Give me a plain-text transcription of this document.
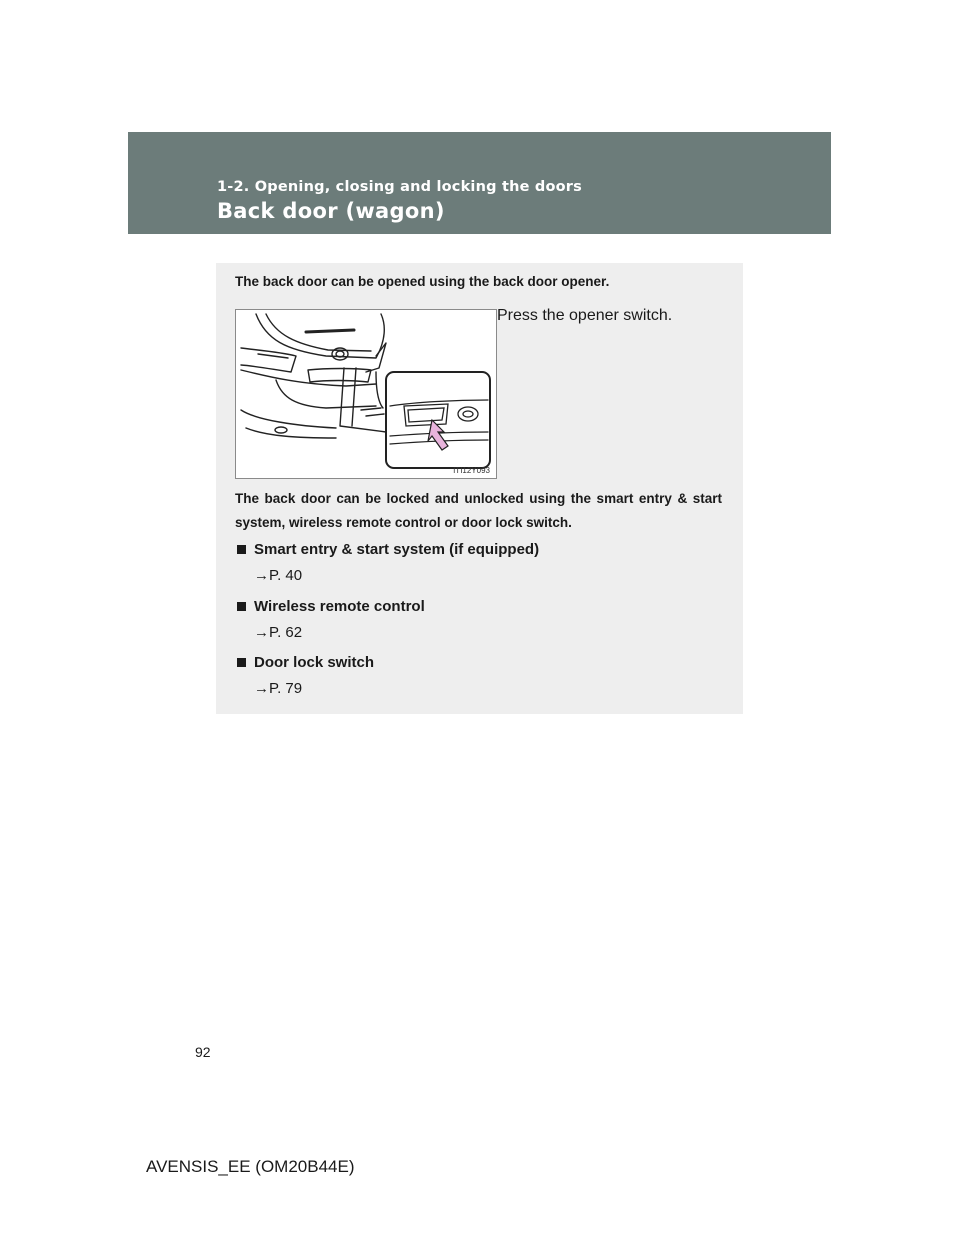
1-2. Opening, closing and locking the doors
Back door (wagon)
The back door can be opened using the back door opener.
ITI12Y093
Press the opener switch.
The back door can be locked and unlocked using the smart entry & start system, wireless remote control or door lock switch.
Smart entry & start system (if equipped)
→P. 40
Wireless remote control
→P. 62
Door lock switch
→P. 79
92
AVENSIS_EE (OM20B44E)
